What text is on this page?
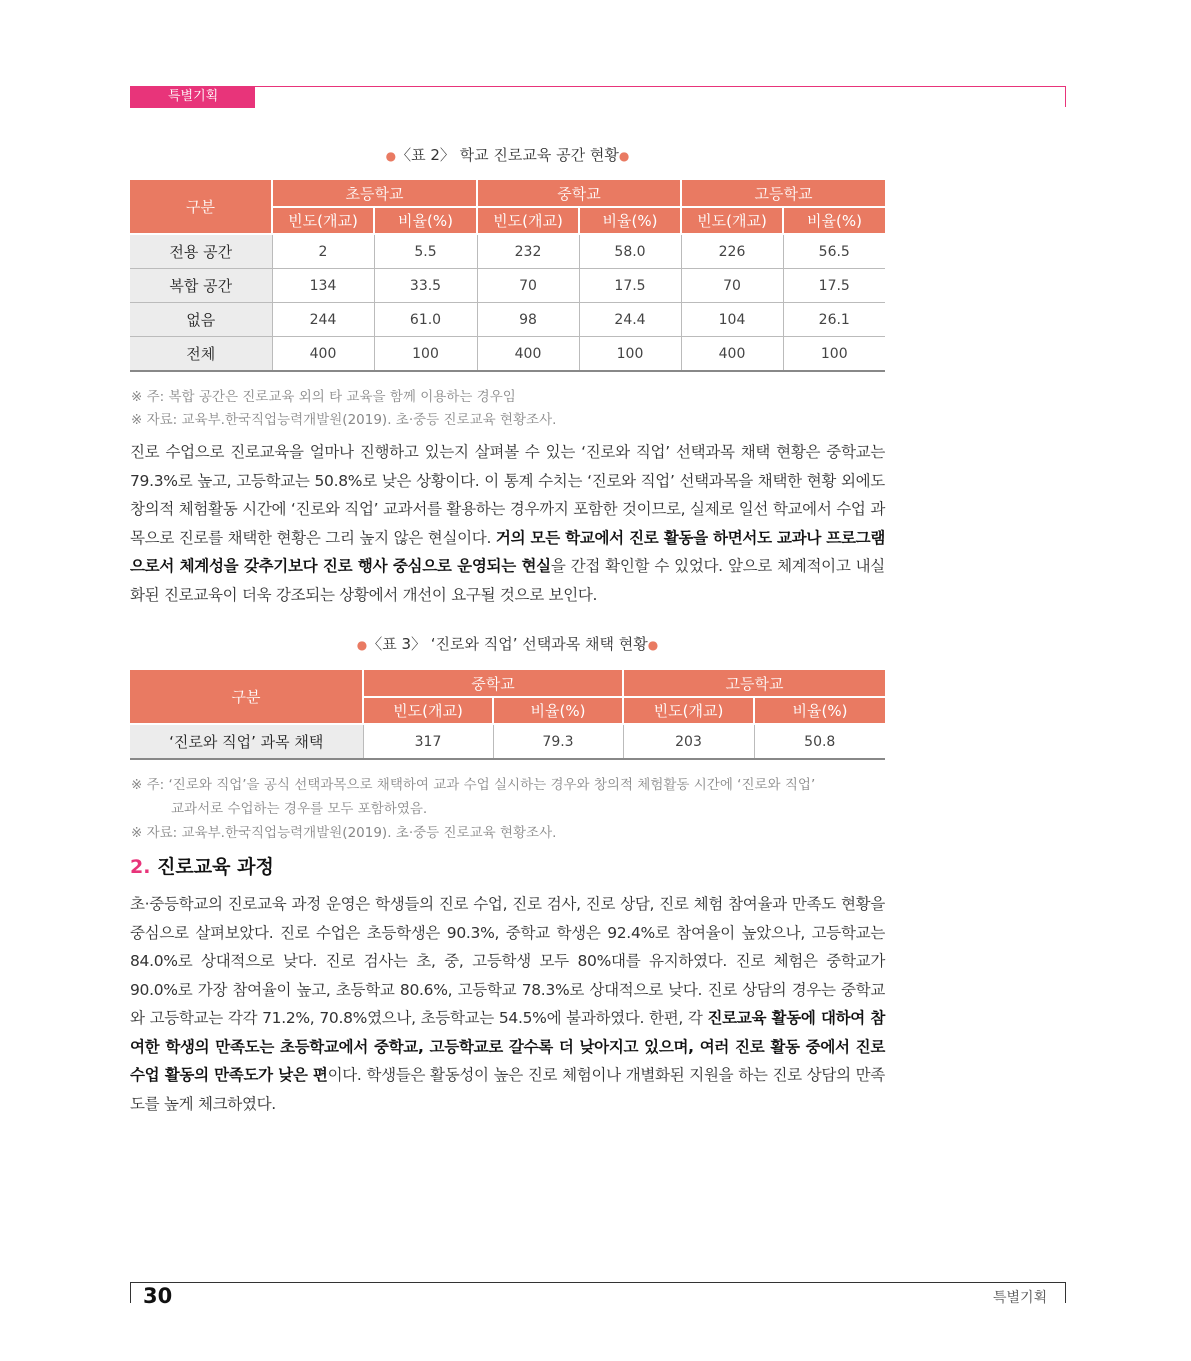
특별기획
●〈표 2〉 학교 진로교육 공간 현황●
구분	초등학교		중학교		고등학교	
	빈도(개교)	비율(%)	빈도(개교)	비율(%)	빈도(개교)	비율(%)
전용 공간	2	5.5	232	58.0	226	56.5
복합 공간	134	33.5	70	17.5	70	17.5
없음	244	61.0	98	24.4	104	26.1
전체	400	100	400	100	400	100
※ 주: 복합 공간은 진로교육 외의 타 교육을 함께 이용하는 경우임
※ 자료: 교육부.한국직업능력개발원(2019). 초·중등 진로교육 현황조사.

진로 수업으로 진로교육을 얼마나 진행하고 있는지 살펴볼 수 있는 ‘진로와 직업’ 선택과목 채택 현황은 중학교는 79.3%로 높고, 고등학교는 50.8%로 낮은 상황이다. 이 통계 수치는 ‘진로와 직업’ 선택과목을 채택한 현황 외에도 창의적 체험활동 시간에 ‘진로와 직업’ 교과서를 활용하는 경우까지 포함한 것이므로, 실제로 일선 학교에서 수업 과목으로 진로를 채택한 현황은 그리 높지 않은 현실이다. 거의 모든 학교에서 진로 활동을 하면서도 교과나 프로그램으로서 체계성을 갖추기보다 진로 행사 중심으로 운영되는 현실을 간접 확인할 수 있었다. 앞으로 체계적이고 내실화된 진로교육이 더욱 강조되는 상황에서 개선이 요구될 것으로 보인다.

●〈표 3〉 ‘진로와 직업’ 선택과목 채택 현황●
구분	중학교		고등학교	
	빈도(개교)	비율(%)	빈도(개교)	비율(%)
‘진로와 직업’ 과목 채택	317	79.3	203	50.8
※ 주: ‘진로와 직업’을 공식 선택과목으로 채택하여 교과 수업 실시하는 경우와 창의적 체험활동 시간에 ‘진로와 직업’
교과서로 수업하는 경우를 모두 포함하였음.
※ 자료: 교육부.한국직업능력개발원(2019). 초·중등 진로교육 현황조사.
2. 진로교육 과정

초·중등학교의 진로교육 과정 운영은 학생들의 진로 수업, 진로 검사, 진로 상담, 진로 체험 참여율과 만족도 현황을 중심으로 살펴보았다. 진로 수업은 초등학생은 90.3%, 중학교 학생은 92.4%로 참여율이 높았으나, 고등학교는 84.0%로 상대적으로 낮다. 진로 검사는 초, 중, 고등학생 모두 80%대를 유지하였다. 진로 체험은 중학교가 90.0%로 가장 참여율이 높고, 초등학교 80.6%, 고등학교 78.3%로 상대적으로 낮다. 진로 상담의 경우는 중학교와 고등학교는 각각 71.2%, 70.8%였으나, 초등학교는 54.5%에 불과하였다. 한편, 각 진로교육 활동에 대하여 참여한 학생의 만족도는 초등학교에서 중학교, 고등학교로 갈수록 더 낮아지고 있으며, 여러 진로 활동 중에서 진로 수업 활동의 만족도가 낮은 편이다. 학생들은 활동성이 높은 진로 체험이나 개별화된 지원을 하는 진로 상담의 만족도를 높게 체크하였다.

30	특별기획
